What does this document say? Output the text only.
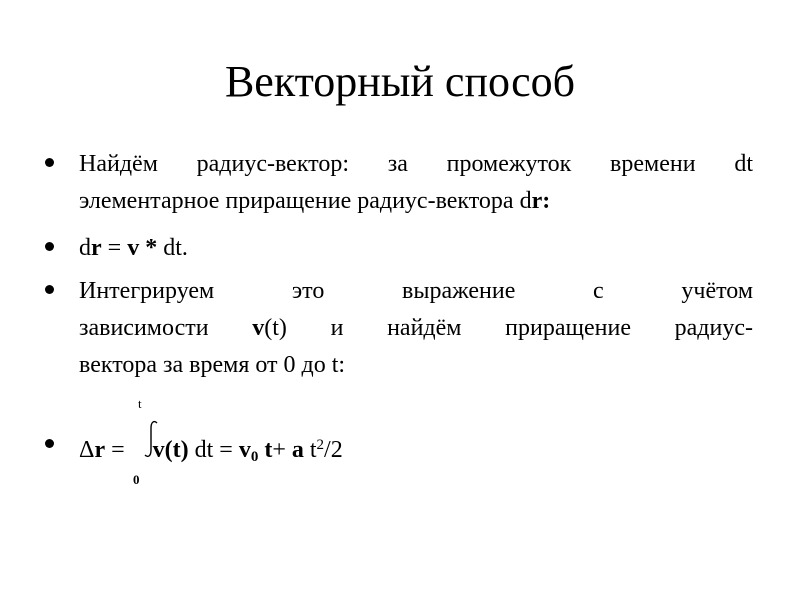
Векторный способ
Найдём радиус-вектор: за промежуток времени dt
элементарное приращение радиус-вектора dr:
dr = v * dt.
Интегрируем это выражение с учётом
зависимости v(t) и найдём приращение радиус-
вектора за время от 0 до t:
t
0
Δr = v(t) dt = $v_0$ t+ a $t^2/2$
